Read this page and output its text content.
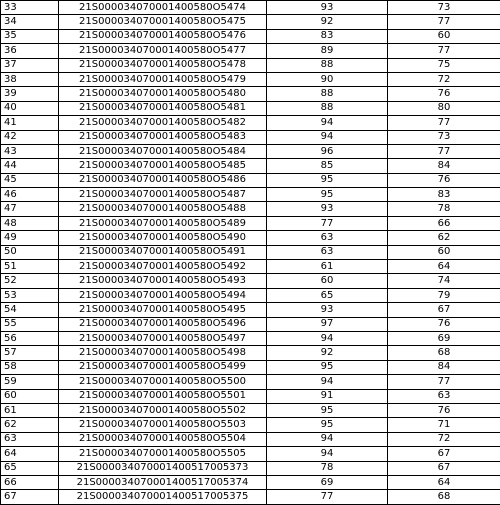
33	21S000034070001400580O5474	93	73
34	21S000034070001400580O5475	92	77
35	21S000034070001400580O5476	83	60
36	21S000034070001400580O5477	89	77
37	21S000034070001400580O5478	88	75
38	21S000034070001400580O5479	90	72
39	21S000034070001400580O5480	88	76
40	21S000034070001400580O5481	88	80
41	21S000034070001400580O5482	94	77
42	21S000034070001400580O5483	94	73
43	21S000034070001400580O5484	96	77
44	21S000034070001400580O5485	85	84
45	21S000034070001400580O5486	95	76
46	21S000034070001400580O5487	95	83
47	21S000034070001400580O5488	93	78
48	21S000034070001400580O5489	77	66
49	21S000034070001400580O5490	63	62
50	21S000034070001400580O5491	63	60
51	21S000034070001400580O5492	61	64
52	21S000034070001400580O5493	60	74
53	21S000034070001400580O5494	65	79
54	21S000034070001400580O5495	93	67
55	21S000034070001400580O5496	97	76
56	21S000034070001400580O5497	94	69
57	21S000034070001400580O5498	92	68
58	21S000034070001400580O5499	95	84
59	21S000034070001400580O5500	94	77
60	21S000034070001400580O5501	91	63
61	21S000034070001400580O5502	95	76
62	21S000034070001400580O5503	95	71
63	21S000034070001400580O5504	94	72
64	21S000034070001400580O5505	94	67
65	21S000034070001400517005373	78	67
66	21S000034070001400517005374	69	64
67	21S000034070001400517005375	77	68
